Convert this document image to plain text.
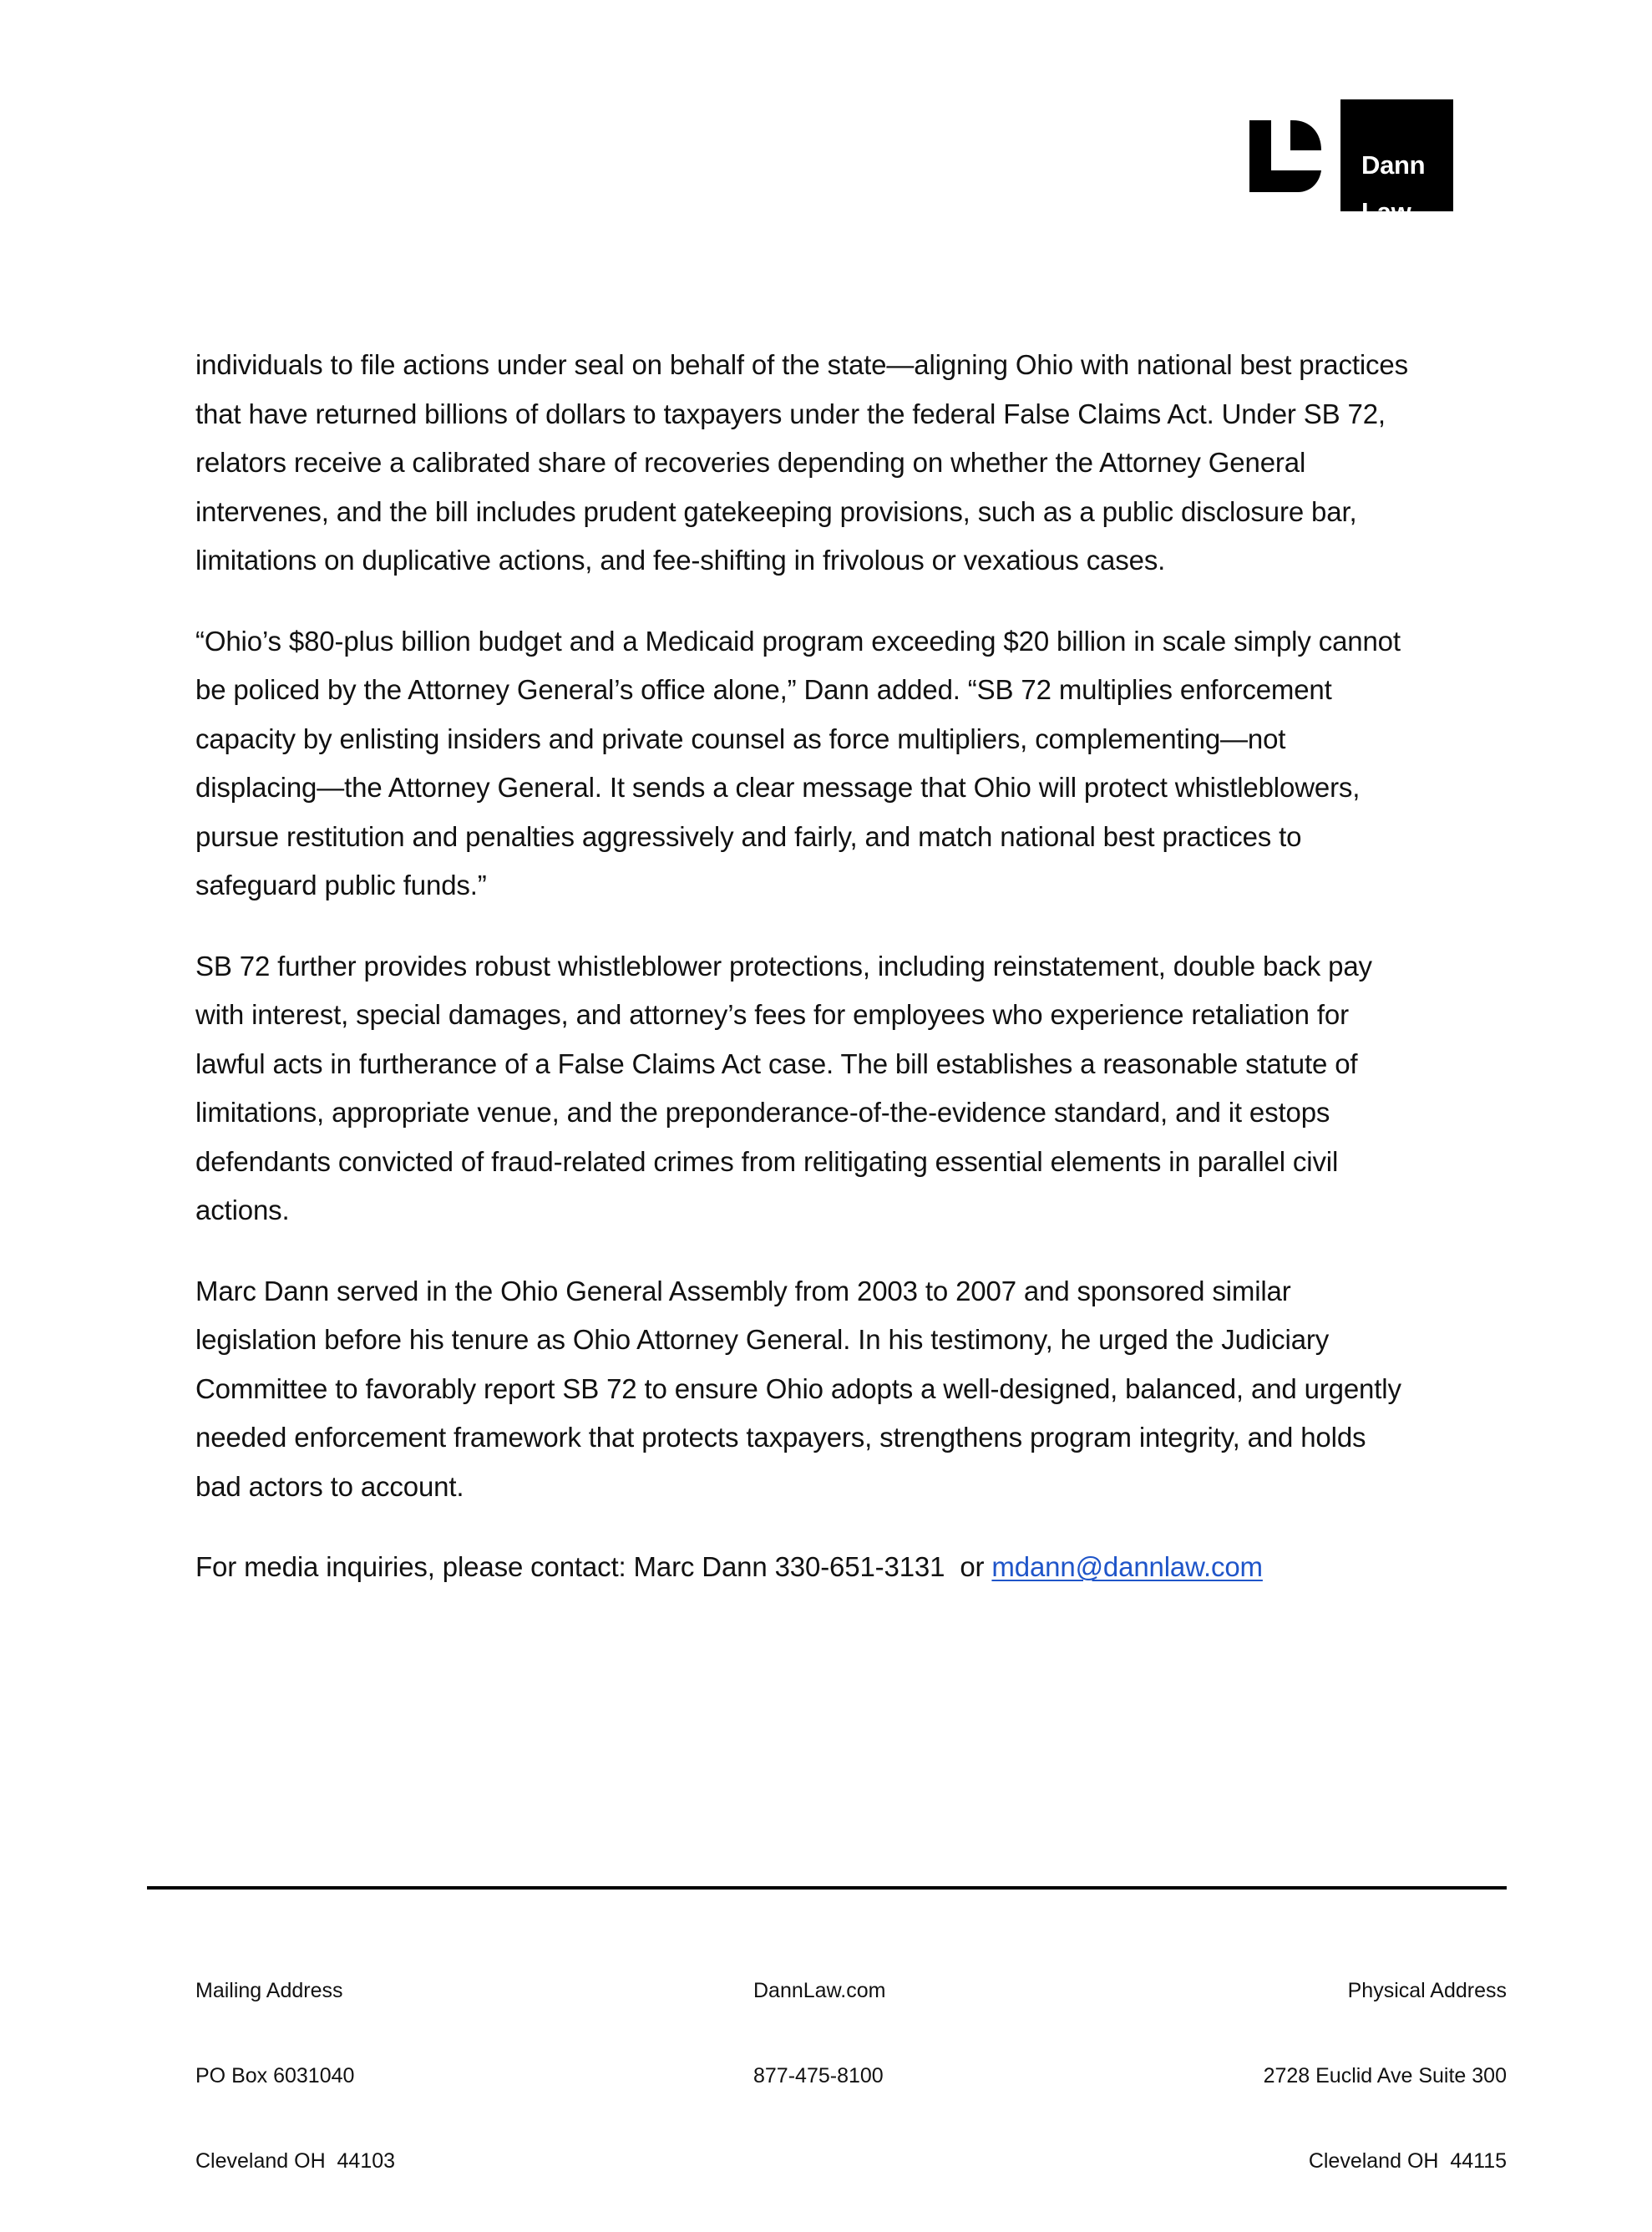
Dann

Law

individuals to file actions under seal on behalf of the state—aligning Ohio with national best practices
that have returned billions of dollars to taxpayers under the federal False Claims Act. Under SB 72,
relators receive a calibrated share of recoveries depending on whether the Attorney General
intervenes, and the bill includes prudent gatekeeping provisions, such as a public disclosure bar,
limitations on duplicative actions, and fee-shifting in frivolous or vexatious cases.

“Ohio’s $80-plus billion budget and a Medicaid program exceeding $20 billion in scale simply cannot
be policed by the Attorney General’s office alone,” Dann added. “SB 72 multiplies enforcement
capacity by enlisting insiders and private counsel as force multipliers, complementing—not
displacing—the Attorney General. It sends a clear message that Ohio will protect whistleblowers,
pursue restitution and penalties aggressively and fairly, and match national best practices to
safeguard public funds.”

SB 72 further provides robust whistleblower protections, including reinstatement, double back pay
with interest, special damages, and attorney’s fees for employees who experience retaliation for
lawful acts in furtherance of a False Claims Act case. The bill establishes a reasonable statute of
limitations, appropriate venue, and the preponderance-of-the-evidence standard, and it estops
defendants convicted of fraud-related crimes from relitigating essential elements in parallel civil
actions.

Marc Dann served in the Ohio General Assembly from 2003 to 2007 and sponsored similar
legislation before his tenure as Ohio Attorney General. In his testimony, he urged the Judiciary
Committee to favorably report SB 72 to ensure Ohio adopts a well-designed, balanced, and urgently
needed enforcement framework that protects taxpayers, strengthens program integrity, and holds
bad actors to account.

For media inquiries, please contact: Marc Dann 330-651-3131  or mdann@dannlaw.com

Mailing Address

PO Box 6031040

Cleveland OH  44103

DannLaw.com

877-475-8100

Physical Address

2728 Euclid Ave Suite 300

Cleveland OH  44115
